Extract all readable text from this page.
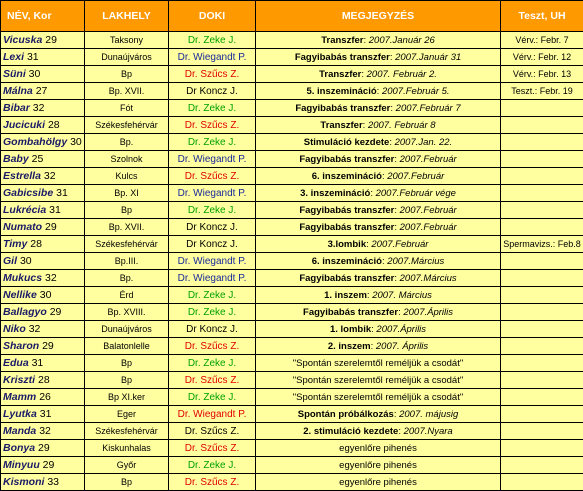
NÉV, Kor	LAKHELY	DOKI	MEGJEGYZÉS	Teszt, UH
Vicuska 29	Taksony	Dr. Zeke J.	Transzfer: 2007.Január 26	Vérv.: Febr. 7
Lexi 31	Dunaújváros	Dr. Wiegandt P.	Fagyibabás transzfer: 2007.Január 31	Vérv.: Febr. 12
Süni 30	Bp	Dr. Szűcs Z.	Transzfer: 2007. Február 2.	Vérv.: Febr. 13
Málna 27	Bp. XVII.	Dr Koncz J.	5. inszemináció: 2007.Február 5.	Teszt.: Febr. 19
Bibar 32	Fót	Dr. Zeke J.	Fagyibabás transzfer: 2007.Február 7	
Jucicuki 28	Székesfehérvár	Dr. Szűcs Z.	Transzfer: 2007. Február 8	
Gombahölgy 30	Bp.	Dr. Zeke J.	Stimuláció kezdete: 2007.Jan. 22.	
Baby 25	Szolnok	Dr. Wiegandt P.	Fagyibabás transzfer: 2007.Február	
Estrella 32	Kulcs	Dr. Szűcs Z.	6. inszemináció: 2007.Február	
Gabicsibe 31	Bp. XI	Dr. Wiegandt P.	3. inszemináció: 2007.Február vége	
Lukrécia 31	Bp	Dr. Zeke J.	Fagyibabás transzfer: 2007.Február	
Numato 29	Bp. XVII.	Dr Koncz J.	Fagyibabás transzfer: 2007.Február	
Timy 28	Székesfehérvár	Dr Koncz J.	3.lombik: 2007.Február	Spermavizs.: Feb.8
Gil 30	Bp.III.	Dr. Wiegandt P.	6. inszemináció: 2007.Március	
Mukucs 32	Bp.	Dr. Wiegandt P.	Fagyibabás transzfer: 2007.Március	
Nellike 30	Érd	Dr. Zeke J.	1. inszem: 2007. Március	
Ballagyo 29	Bp. XVIII.	Dr. Zeke J.	Fagyibabás transzfer: 2007.Április	
Niko 32	Dunaújváros	Dr Koncz J.	1. lombik: 2007.Április	
Sharon 29	Balatonlelle	Dr. Szűcs Z.	2. inszem: 2007. Április	
Edua 31	Bp	Dr. Zeke J.	"Spontán szerelemtől reméljük a csodát"	
Kriszti 28	Bp	Dr. Szűcs Z.	"Spontán szerelemtől reméljük a csodát"	
Mamm 26	Bp XI.ker	Dr. Zeke J.	"Spontán szerelemtől reméljük a csodát"	
Lyutka 31	Eger	Dr. Wiegandt P.	Spontán próbálkozás: 2007. májusig	
Manda 32	Székesfehérvár	Dr. Szűcs Z.	2. stimuláció kezdete: 2007.Nyara	
Bonya 29	Kiskunhalas	Dr. Szűcs Z.	egyenlőre pihenés	
Minyuu 29	Győr	Dr. Zeke J.	egyenlőre pihenés	
Kismoni 33	Bp	Dr. Szűcs Z.	egyenlőre pihenés	
